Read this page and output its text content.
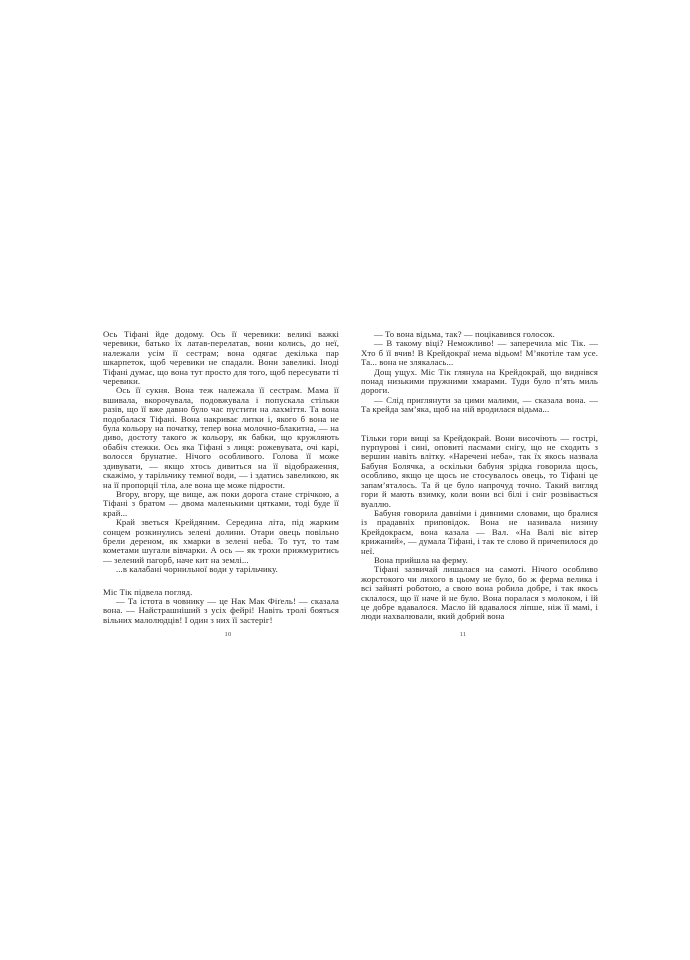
Ось Тіфані йде додому. Ось її черевики: великі важкі черевики, батько їх латав-перелатав, вони колись, до неї, належали усім її сестрам; вона одягає декілька пар шкарпеток, щоб черевики не спадали. Вони завеликі. Іноді Тіфані думає, що вона тут просто для того, щоб пересувати ті черевики.

Ось її сукня. Вона теж належала її сестрам. Мама її вшивала, вкорочувала, подовжувала і попускала стільки разів, що її вже давно було час пустити на лахміття. Та вона подобалася Тіфані. Вона накриває литки і, якого б вона не була кольору на початку, тепер вона молочно-блакитна, — на диво, достоту такого ж кольору, як бабки, що кружляють обабіч стежки. Ось яка Тіфані з лиця: рожевувата, очі карі, волосся брунатне. Нічого особливого. Голова її може здивувати, — якщо хтось дивиться на її відображення, скажімо, у тарільчику темної води, — і здатись завеликою, як на її пропорції тіла, але вона ще може підрости.

Вгору, вгору, ще вище, аж поки дорога стане стрічкою, а Тіфані з братом — двома маленькими цятками, тоді буде її край...

Край зветься Крейдяним. Середина літа, під жарким сонцем розкинулись зелені долини. Отари овець повільно брели дереном, як хмарки в зелені неба. То тут, то там кометами шугали вівчарки. А ось — як трохи прижмуритись — зелений пагорб, наче кит на землі...

...в калабані чорнильної води у тарільчику.

Міс Тік підвела погляд.

— Та істота в човнику — це Нак Мак Фіґель! — сказала вона. — Найстрашніший з усіх фейрі! Навіть тролі бояться вільних малолюдців! І один з них її застеріг!

— То вона відьма, так? — поцікавився голосок.

— В такому віці? Неможливо! — заперечила міс Тік. — Хто б її вчив! В Крейдокраї нема відьом! М’якотіле там усе. Та... вона не злякалась...

Дощ ущух. Міс Тік глянула на Крейдокрай, що виднівся понад низькими пружними хмарами. Туди було п’ять миль дороги.

— Слід приглянути за цими малими, — сказала вона. — Та крейда зам’яка, щоб на ній вродилася відьма...

Тільки гори вищі за Крейдокрай. Вони височіють — гострі, пурпурові і сині, оповиті пасмами снігу, що не сходить з вершин навіть влітку. «Наречені неба», так їх якось назвала Бабуня Болячка, а оскільки бабуня зрідка говорила щось, особливо, якщо це щось не стосувалось овець, то Тіфані це запам’яталось. Та й це було напрочуд точно. Такий вигляд гори й мають взимку, коли вони всі білі і сніг розвівається вуаллю.

Бабуня говорила давніми і дивними словами, що бралися із прадавніх приповідок. Вона не називала низину Крейдокраєм, вона казала — Вал. «На Валі віє вітер крижаний», — думала Тіфані, і так те слово й причепилося до неї.

Вона прийшла на ферму.

Тіфані зазвичай лишалася на самоті. Нічого особливо жорстокого чи лихого в цьому не було, бо ж ферма велика і всі зайняті роботою, а свою вона робила добре, і так якось склалося, що її наче й не було. Вона поралася з молоком, і їй це добре вдавалося. Масло їй вдавалося ліпше, ніж її мамі, і люди нахвалювали, який добрий вона

10	11
